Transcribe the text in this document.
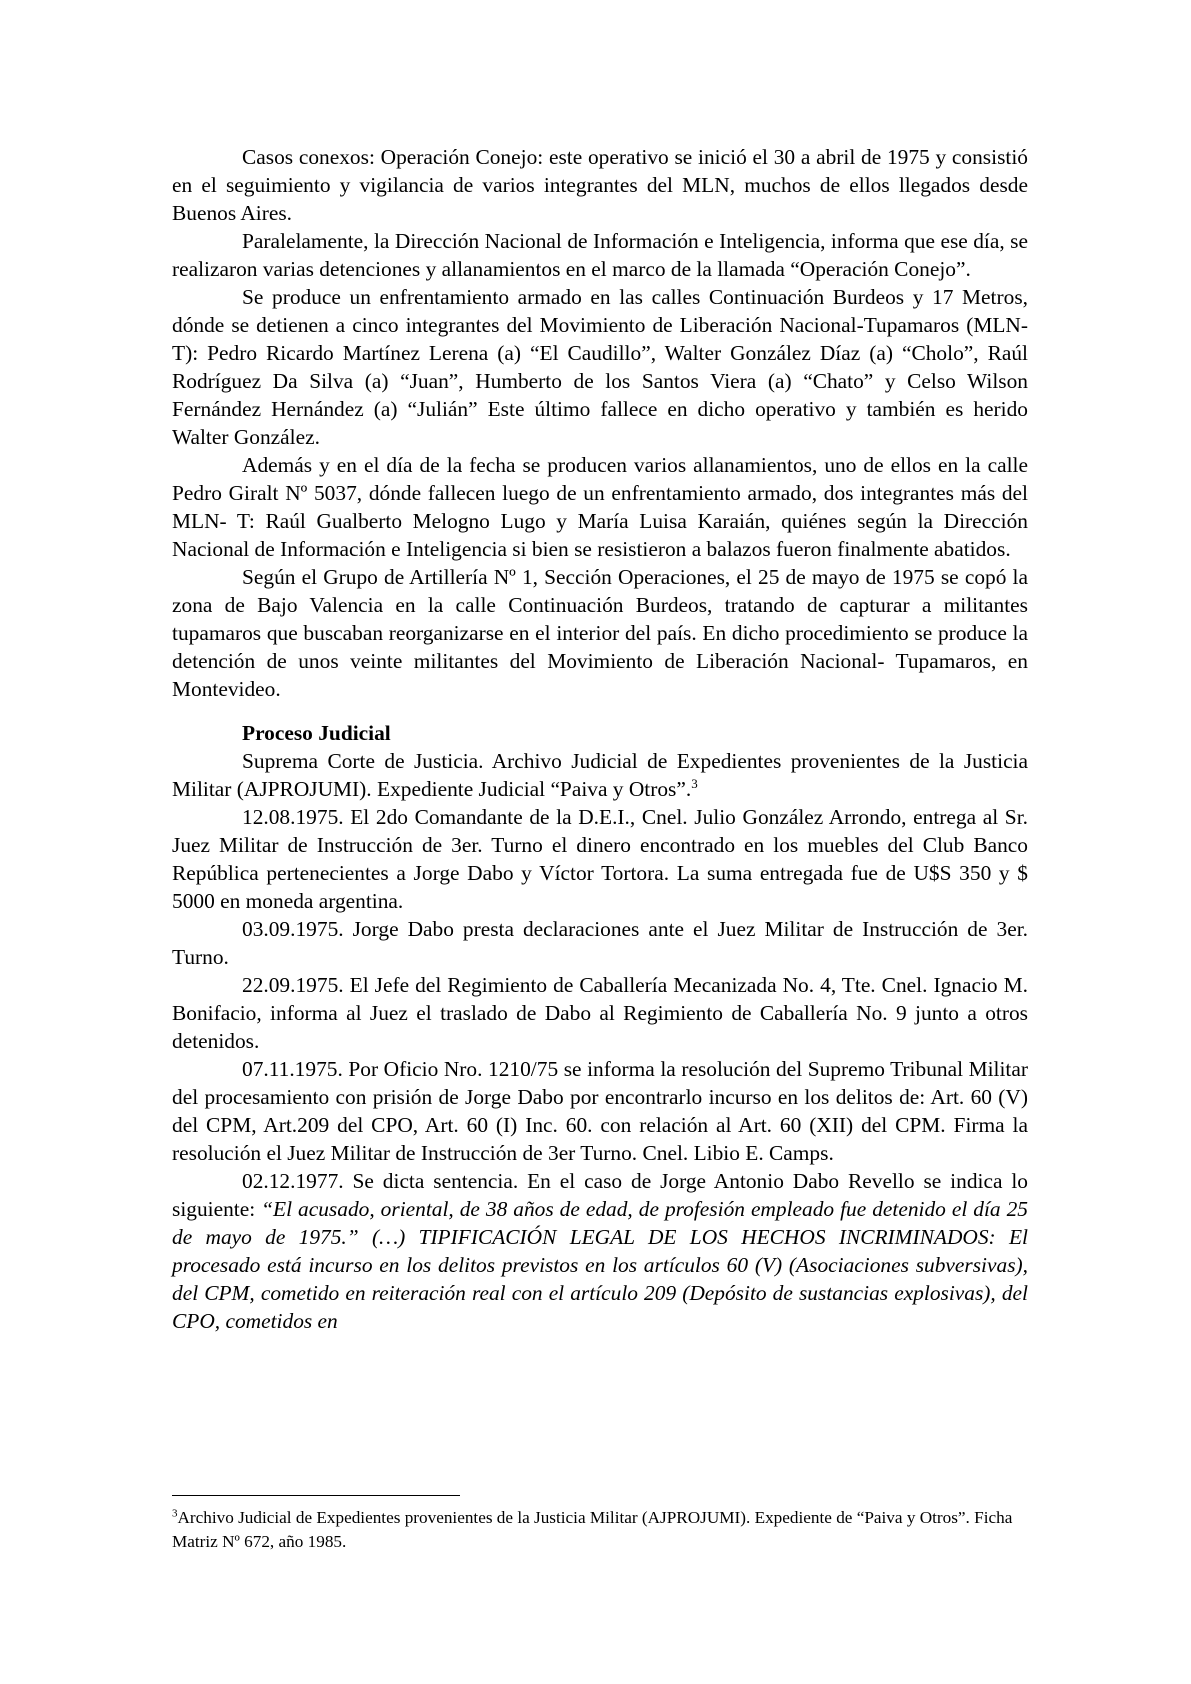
Casos conexos: Operación Conejo: este operativo se inició el 30 a abril de 1975 y consistió en el seguimiento y vigilancia de varios integrantes del MLN, muchos de ellos llegados desde Buenos Aires.

Paralelamente, la Dirección Nacional de Información e Inteligencia, informa que ese día, se realizaron varias detenciones y allanamientos en el marco de la llamada “Operación Conejo”.

Se produce un enfrentamiento armado en las calles Continuación Burdeos y 17 Metros, dónde se detienen a cinco integrantes del Movimiento de Liberación Nacional-Tupamaros (MLN- T): Pedro Ricardo Martínez Lerena (a) “El Caudillo”, Walter González Díaz (a) “Cholo”, Raúl Rodríguez Da Silva (a) “Juan”, Humberto de los Santos Viera (a) “Chato” y Celso Wilson Fernández Hernández (a) “Julián” Este último fallece en dicho operativo y también es herido Walter González.

Además y en el día de la fecha se producen varios allanamientos, uno de ellos en la calle Pedro Giralt Nº 5037, dónde fallecen luego de un enfrentamiento armado, dos integrantes más del MLN- T: Raúl Gualberto Melogno Lugo y María Luisa Karaián, quiénes según la Dirección Nacional de Información e Inteligencia si bien se resistieron a balazos fueron finalmente abatidos.

Según el Grupo de Artillería Nº 1, Sección Operaciones, el 25 de mayo de 1975 se copó la zona de Bajo Valencia en la calle Continuación Burdeos, tratando de capturar a militantes tupamaros que buscaban reorganizarse en el interior del país. En dicho procedimiento se produce la detención de unos veinte militantes del Movimiento de Liberación Nacional- Tupamaros, en Montevideo.

Proceso Judicial

Suprema Corte de Justicia. Archivo Judicial de Expedientes provenientes de la Justicia Militar (AJPROJUMI). Expediente Judicial “Paiva y Otros”.$^3$

12.08.1975. El 2do Comandante de la D.E.I., Cnel. Julio González Arrondo, entrega al Sr. Juez Militar de Instrucción de 3er. Turno el dinero encontrado en los muebles del Club Banco República pertenecientes a Jorge Dabo y Víctor Tortora. La suma entregada fue de U$S 350 y $ 5000 en moneda argentina.

03.09.1975. Jorge Dabo presta declaraciones ante el Juez Militar de Instrucción de 3er. Turno.

22.09.1975. El Jefe del Regimiento de Caballería Mecanizada No. 4, Tte. Cnel. Ignacio M. Bonifacio, informa al Juez el traslado de Dabo al Regimiento de Caballería No. 9 junto a otros detenidos.

07.11.1975. Por Oficio Nro. 1210/75 se informa la resolución del Supremo Tribunal Militar del procesamiento con prisión de Jorge Dabo por encontrarlo incurso en los delitos de: Art. 60 (V) del CPM, Art.209 del CPO, Art. 60 (I) Inc. 60. con relación al Art. 60 (XII) del CPM. Firma la resolución el Juez Militar de Instrucción de 3er Turno. Cnel. Libio E. Camps.

02.12.1977. Se dicta sentencia. En el caso de Jorge Antonio Dabo Revello se indica lo siguiente: “El acusado, oriental, de 38 años de edad, de profesión empleado fue detenido el día 25 de mayo de 1975.” (…) TIPIFICACIÓN LEGAL DE LOS HECHOS INCRIMINADOS: El procesado está incurso en los delitos previstos en los artículos 60 (V) (Asociaciones subversivas), del CPM, cometido en reiteración real con el artículo 209 (Depósito de sustancias explosivas), del CPO, cometidos en

$^3$Archivo Judicial de Expedientes provenientes de la Justicia Militar (AJPROJUMI). Expediente de “Paiva y Otros”. Ficha Matriz Nº 672, año 1985.
